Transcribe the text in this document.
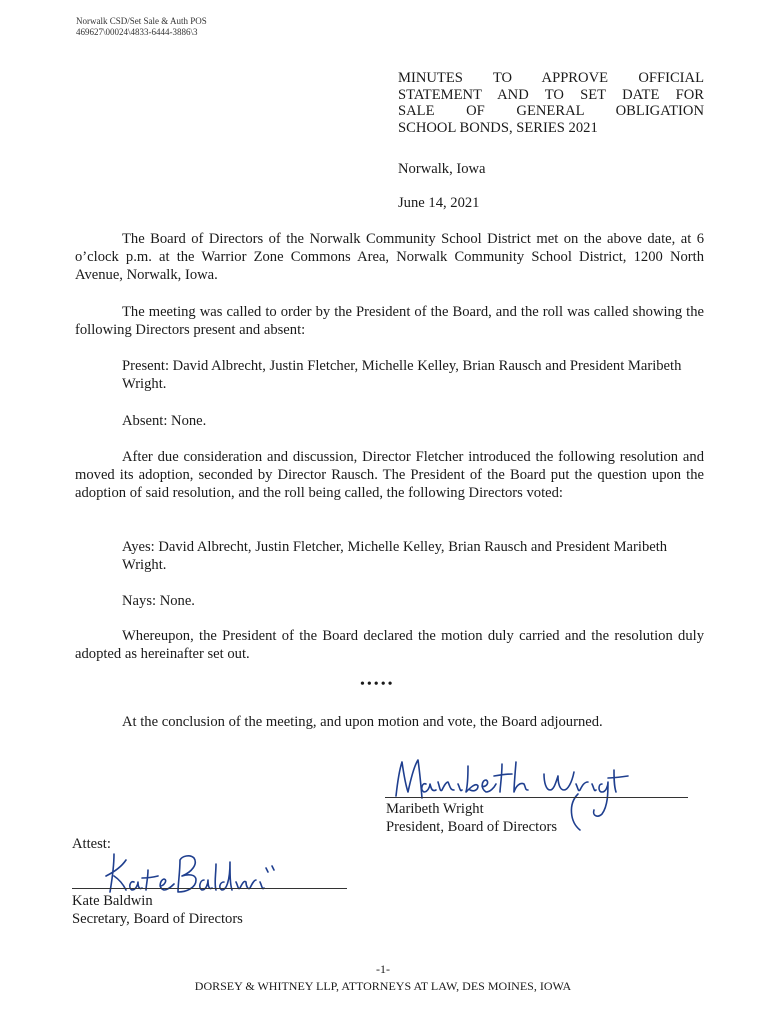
Norwalk CSD/Set Sale & Auth POS
469627\00024\4833-6444-3886\3
MINUTES TO APPROVE OFFICIAL
STATEMENT AND TO SET DATE FOR
SALE OF GENERAL OBLIGATION
SCHOOL BONDS, SERIES 2021
Norwalk, Iowa
June 14, 2021
The Board of Directors of the Norwalk Community School District met on the above date, at 6 o’clock p.m. at the Warrior Zone Commons Area, Norwalk Community School District, 1200 North Avenue, Norwalk, Iowa.
The meeting was called to order by the President of the Board, and the roll was called showing the following Directors present and absent:
Present: David Albrecht, Justin Fletcher, Michelle Kelley, Brian Rausch and President Maribeth Wright.
Absent: None.
After due consideration and discussion, Director Fletcher introduced the following resolution and moved its adoption, seconded by Director Rausch. The President of the Board put the question upon the adoption of said resolution, and the roll being called, the following Directors voted:
Ayes: David Albrecht, Justin Fletcher, Michelle Kelley, Brian Rausch and President Maribeth Wright.
Nays: None.
Whereupon, the President of the Board declared the motion duly carried and the resolution duly adopted as hereinafter set out.
•••••
At the conclusion of the meeting, and upon motion and vote, the Board adjourned.
Maribeth Wright
President, Board of Directors
Attest:
Kate Baldwin
Secretary, Board of Directors
-1-
DORSEY & WHITNEY LLP, ATTORNEYS AT LAW, DES MOINES, IOWA
